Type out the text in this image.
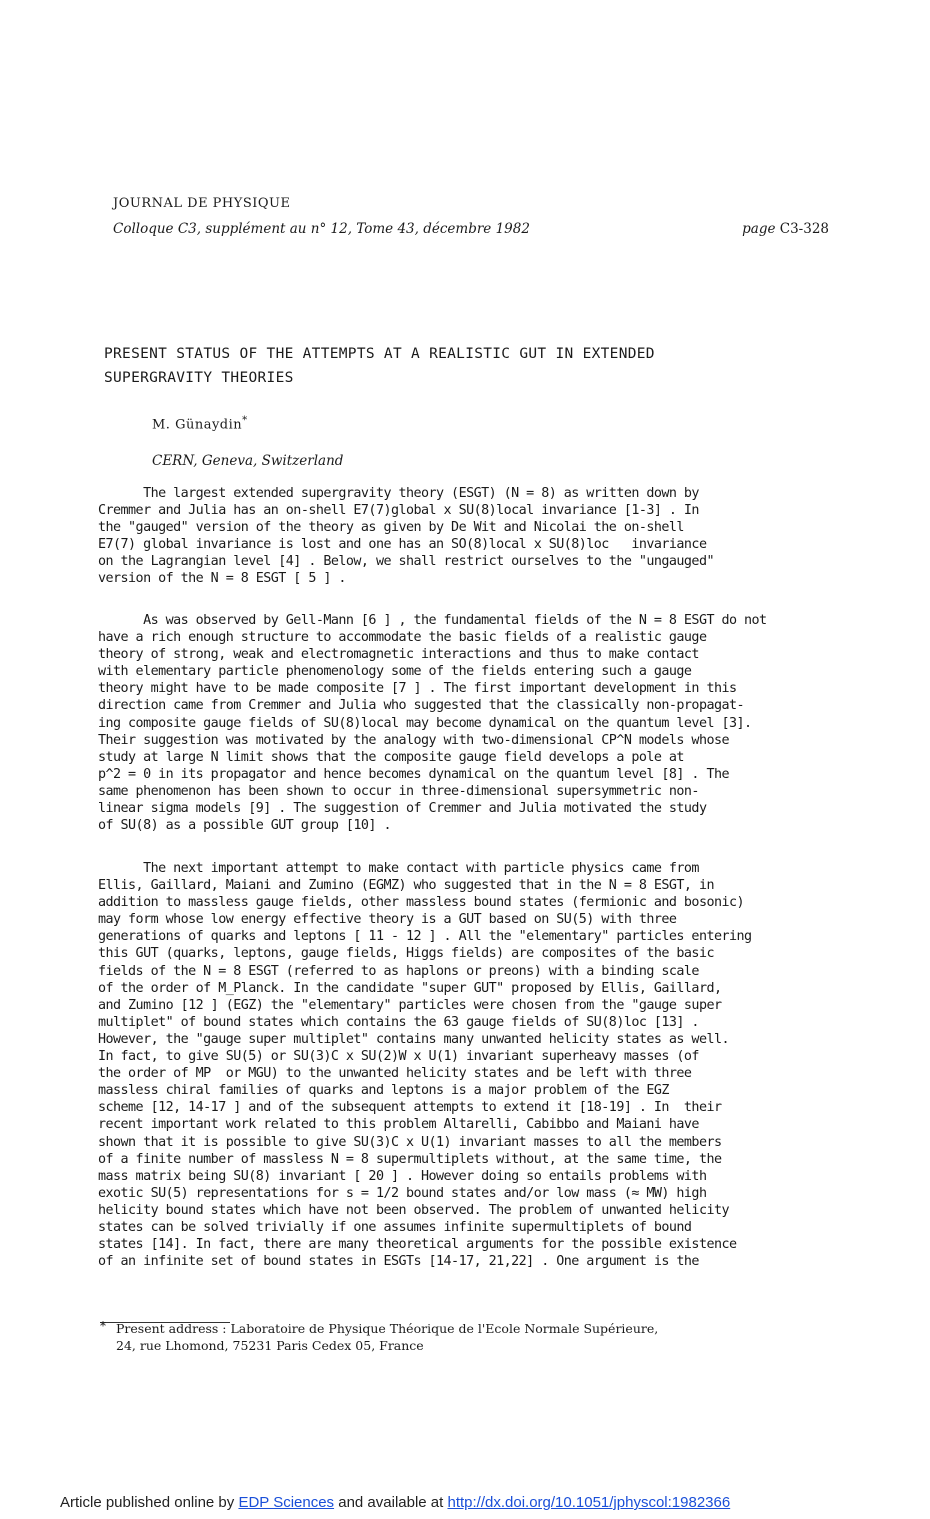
JOURNAL DE PHYSIQUE
Colloque C3, supplément au n° 12, Tome 43, décembre 1982	page C3-328
PRESENT STATUS OF THE ATTEMPTS AT A REALISTIC GUT IN EXTENDED
SUPERGRAVITY THEORIES
M. Günaydin*
CERN, Geneva, Switzerland
The largest extended supergravity theory (ESGT) (N = 8) as written down by
Cremmer and Julia has an on-shell E7(7)global x SU(8)local invariance [1-3] . In
the "gauged" version of the theory as given by De Wit and Nicolai the on-shell
E7(7) global invariance is lost and one has an SO(8)local x SU(8)loc   invariance
on the Lagrangian level [4] . Below, we shall restrict ourselves to the "ungauged"
version of the N = 8 ESGT [ 5 ] .
As was observed by Gell-Mann [6 ] , the fundamental fields of the N = 8 ESGT do not
have a rich enough structure to accommodate the basic fields of a realistic gauge
theory of strong, weak and electromagnetic interactions and thus to make contact
with elementary particle phenomenology some of the fields entering such a gauge
theory might have to be made composite [7 ] . The first important development in this
direction came from Cremmer and Julia who suggested that the classically non-propagat-
ing composite gauge fields of SU(8)local may become dynamical on the quantum level [3].
Their suggestion was motivated by the analogy with two-dimensional CP^N models whose
study at large N limit shows that the composite gauge field develops a pole at
p^2 = 0 in its propagator and hence becomes dynamical on the quantum level [8] . The
same phenomenon has been shown to occur in three-dimensional supersymmetric non-
linear sigma models [9] . The suggestion of Cremmer and Julia motivated the study
of SU(8) as a possible GUT group [10] .
The next important attempt to make contact with particle physics came from
Ellis, Gaillard, Maiani and Zumino (EGMZ) who suggested that in the N = 8 ESGT, in
addition to massless gauge fields, other massless bound states (fermionic and bosonic)
may form whose low energy effective theory is a GUT based on SU(5) with three
generations of quarks and leptons [ 11 - 12 ] . All the "elementary" particles entering
this GUT (quarks, leptons, gauge fields, Higgs fields) are composites of the basic
fields of the N = 8 ESGT (referred to as haplons or preons) with a binding scale
of the order of M_Planck. In the candidate "super GUT" proposed by Ellis, Gaillard,
and Zumino [12 ] (EGZ) the "elementary" particles were chosen from the "gauge super
multiplet" of bound states which contains the 63 gauge fields of SU(8)loc [13] .
However, the "gauge super multiplet" contains many unwanted helicity states as well.
In fact, to give SU(5) or SU(3)C x SU(2)W x U(1) invariant superheavy masses (of
the order of MP  or MGU) to the unwanted helicity states and be left with three
massless chiral families of quarks and leptons is a major problem of the EGZ
scheme [12, 14-17 ] and of the subsequent attempts to extend it [18-19] . In  their
recent important work related to this problem Altarelli, Cabibbo and Maiani have
shown that it is possible to give SU(3)C x U(1) invariant masses to all the members
of a finite number of massless N = 8 supermultiplets without, at the same time, the
mass matrix being SU(8) invariant [ 20 ] . However doing so entails problems with
exotic SU(5) representations for s = 1/2 bound states and/or low mass (≈ MW) high
helicity bound states which have not been observed. The problem of unwanted helicity
states can be solved trivially if one assumes infinite supermultiplets of bound
states [14]. In fact, there are many theoretical arguments for the possible existence
of an infinite set of bound states in ESGTs [14-17, 21,22] . One argument is the
* Present address : Laboratoire de Physique Théorique de l'Ecole Normale Supérieure,
24, rue Lhomond, 75231 Paris Cedex 05, France
Article published online by EDP Sciences and available at http://dx.doi.org/10.1051/jphyscol:1982366
